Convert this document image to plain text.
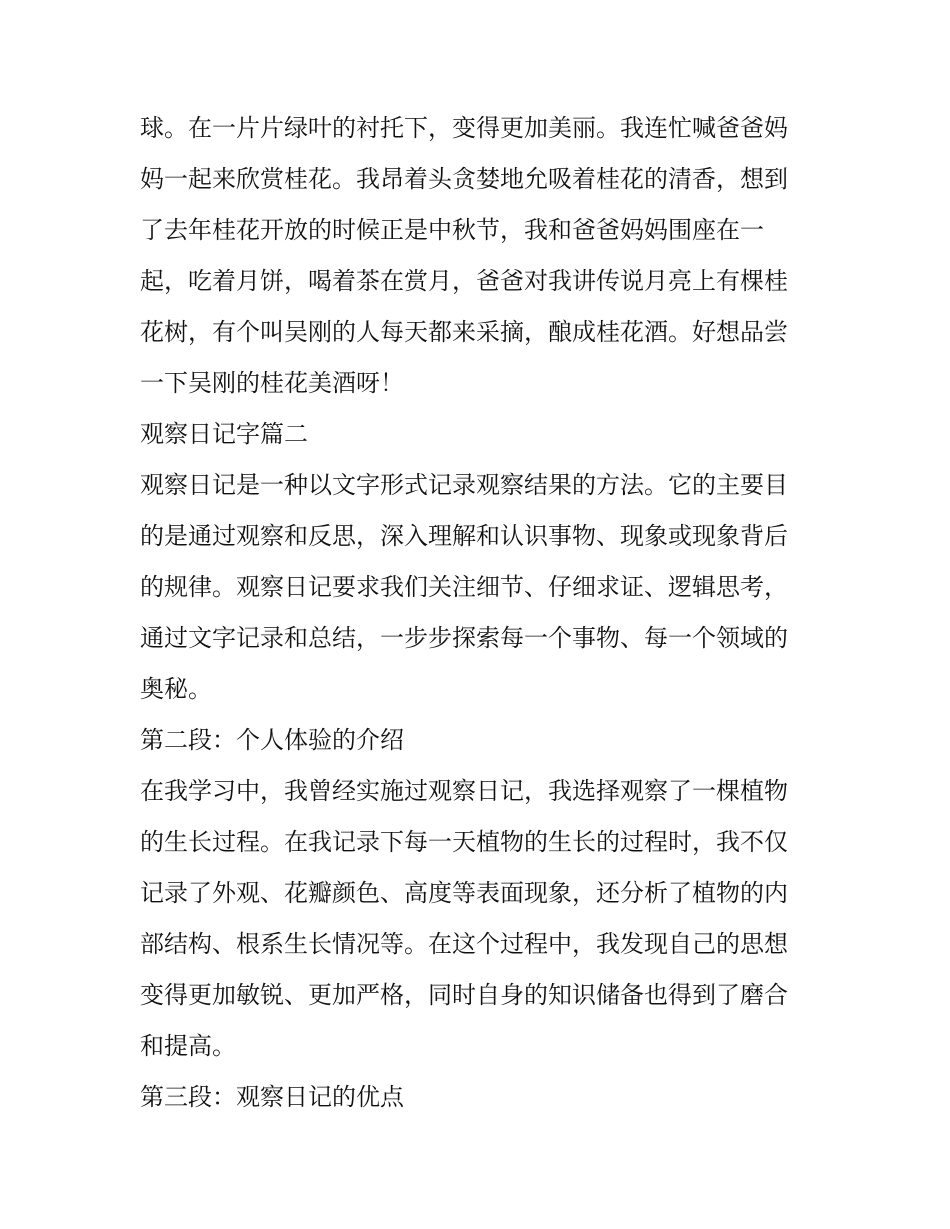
球。在一片片绿叶的衬托下，变得更加美丽。我连忙喊爸爸妈
妈一起来欣赏桂花。我昂着头贪婪地允吸着桂花的清香，想到
了去年桂花开放的时候正是中秋节，我和爸爸妈妈围座在一
起，吃着月饼，喝着茶在赏月，爸爸对我讲传说月亮上有棵桂
花树，有个叫吴刚的人每天都来采摘，酿成桂花酒。好想品尝
一下吴刚的桂花美酒呀！
观察日记字篇二
观察日记是一种以文字形式记录观察结果的方法。它的主要目
的是通过观察和反思，深入理解和认识事物、现象或现象背后
的规律。观察日记要求我们关注细节、仔细求证、逻辑思考，
通过文字记录和总结，一步步探索每一个事物、每一个领域的
奥秘。
第二段：个人体验的介绍
在我学习中，我曾经实施过观察日记，我选择观察了一棵植物
的生长过程。在我记录下每一天植物的生长的过程时，我不仅
记录了外观、花瓣颜色、高度等表面现象，还分析了植物的内
部结构、根系生长情况等。在这个过程中，我发现自己的思想
变得更加敏锐、更加严格，同时自身的知识储备也得到了磨合
和提高。
第三段：观察日记的优点
